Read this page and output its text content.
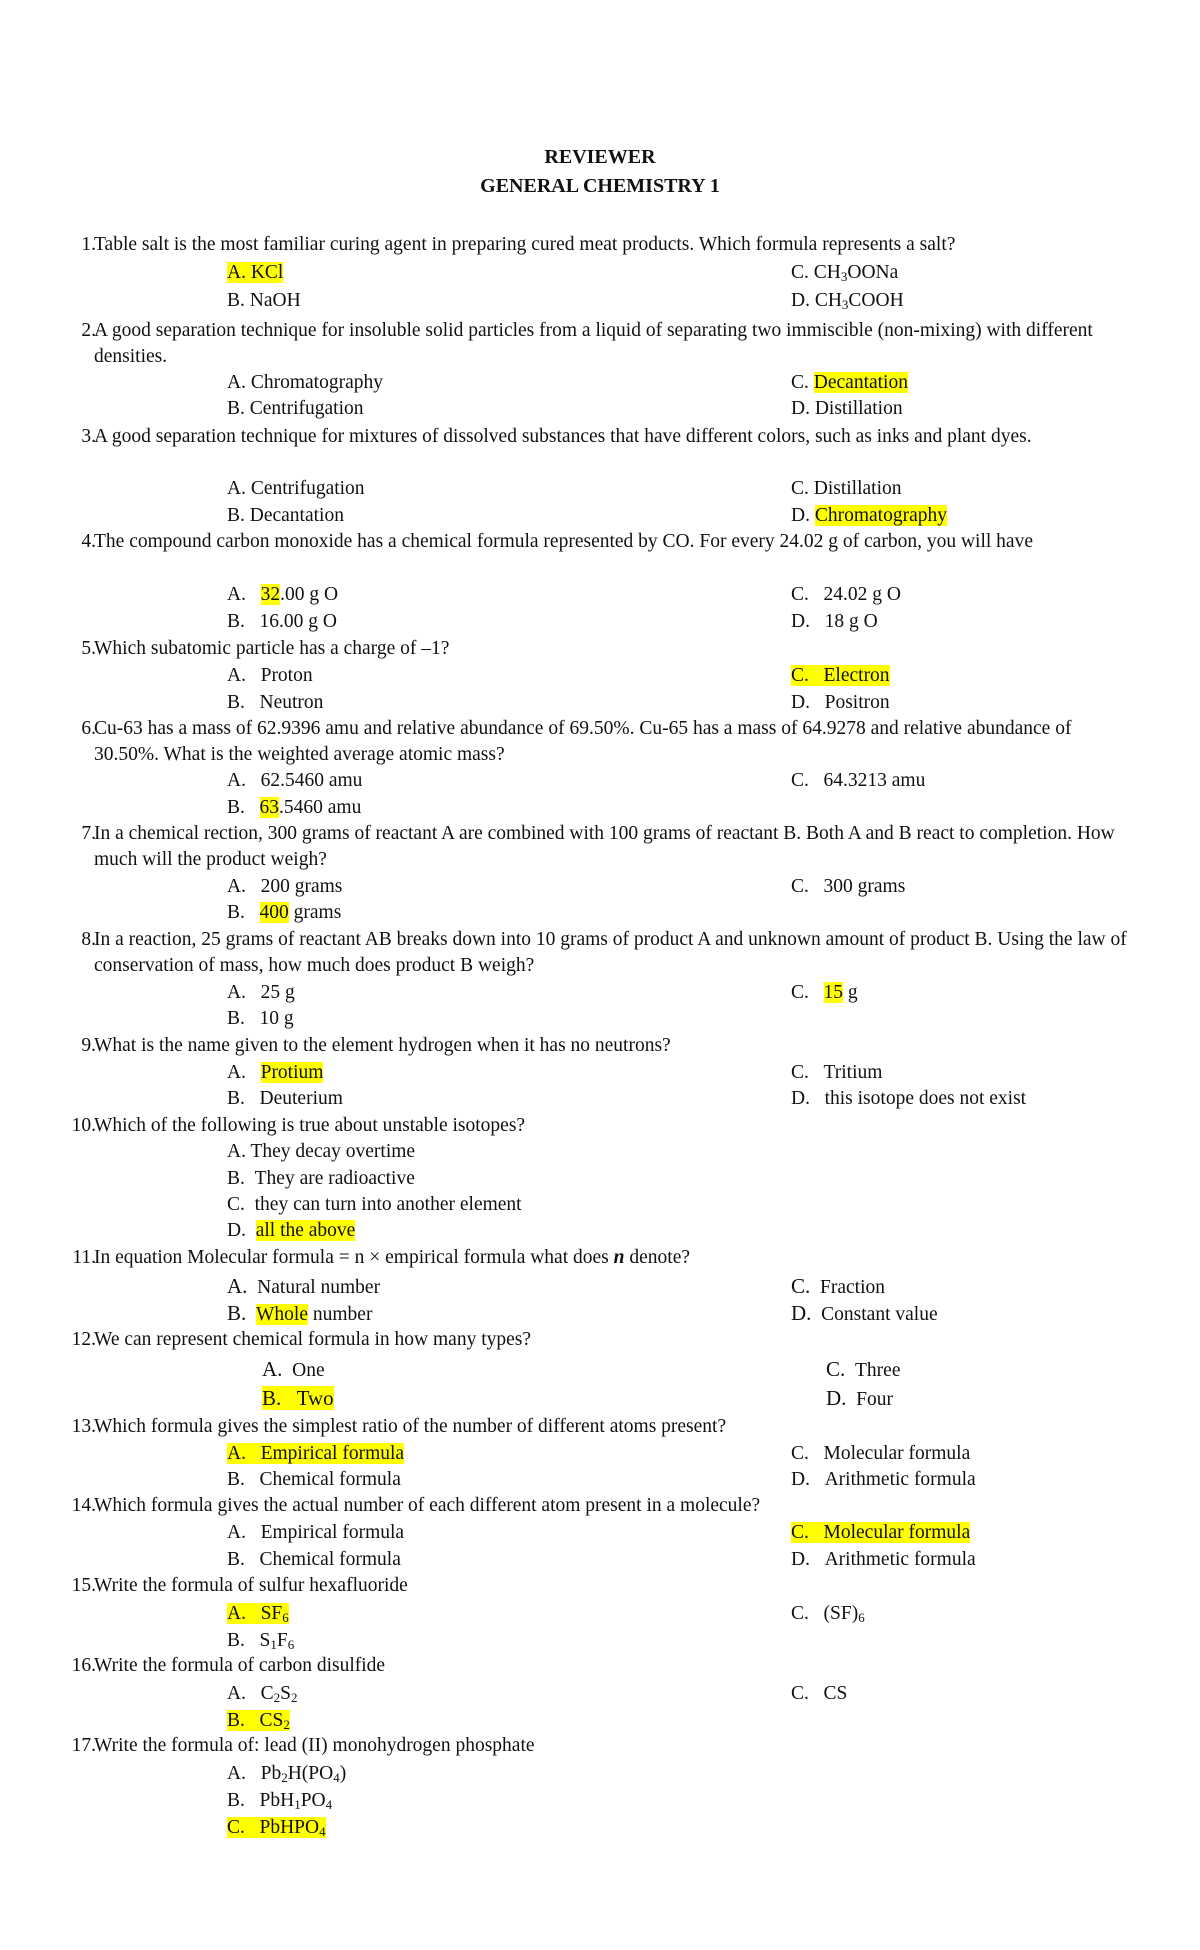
REVIEWER
GENERAL CHEMISTRY 1
1.
Table salt is the most familiar curing agent in preparing cured meat products. Which formula represents a salt?
A. KCl
B. NaOH
C. $CH_3OONa$
D. $CH_3COOH$
2.
A good separation technique for insoluble solid particles from a liquid of separating two immiscible (non-mixing) with different densities.
A. Chromatography
B. Centrifugation
C. Decantation
D. Distillation
3.
A good separation technique for mixtures of dissolved substances that have different colors, such as inks and plant dyes.
A. Centrifugation
B. Decantation
C. Distillation
D. Chromatography
4.
The compound carbon monoxide has a chemical formula represented by CO. For every 24.02 g of carbon, you will have
A. 32.00 g O
B. 16.00 g O
C. 24.02 g O
D. 18 g O
5.
Which subatomic particle has a charge of –1?
A. Proton
B. Neutron
C.   Electron
D. Positron
6.
Cu-63 has a mass of 62.9396 amu and relative abundance of 69.50%. Cu-65 has a mass of 64.9278 and relative abundance of 30.50%. What is the weighted average atomic mass?
A. 62.5460 amu
B. 63.5460 amu
C. 64.3213 amu
7.
In a chemical rection, 300 grams of reactant A are combined with 100 grams of reactant B. Both A and B react to completion. How much will the product weigh?
A. 200 grams
B. 400 grams
C. 300 grams
8.
In a reaction, 25 grams of reactant AB breaks down into 10 grams of product A and unknown amount of product B. Using the law of conservation of mass, how much does product B weigh?
A. 25 g
B. 10 g
C. 15 g
9.
What is the name given to the element hydrogen when it has no neutrons?
A. Protium
B. Deuterium
C. Tritium
D. this isotope does not exist
10.
Which of the following is true about unstable isotopes?
A. They decay overtime
B. They are radioactive
C. they can turn into another element
D. all the above
11.
In equation Molecular formula = n × empirical formula what does n denote?
A. Natural number
B. Whole number
C. Fraction
D. Constant value
12.
We can represent chemical formula in how many types?
A. One
B.   Two
C. Three
D. Four
13.
Which formula gives the simplest ratio of the number of different atoms present?
A.   Empirical formula
B. Chemical formula
C. Molecular formula
D. Arithmetic formula
14.
Which formula gives the actual number of each different atom present in a molecule?
A. Empirical formula
B. Chemical formula
C.   Molecular formula
D. Arithmetic formula
15.
Write the formula of sulfur hexafluoride
A.   $SF_6$
B. $S_1F_6$
C. $(SF)_6$
16.
Write the formula of carbon disulfide
A. $C_2S_2$
B.   $CS_2$
C. CS
17.
Write the formula of: lead (II) monohydrogen phosphate
A. $Pb_2H(PO_4)$
B. $PbH_1PO_4$
C.   PbHPO$_4$
